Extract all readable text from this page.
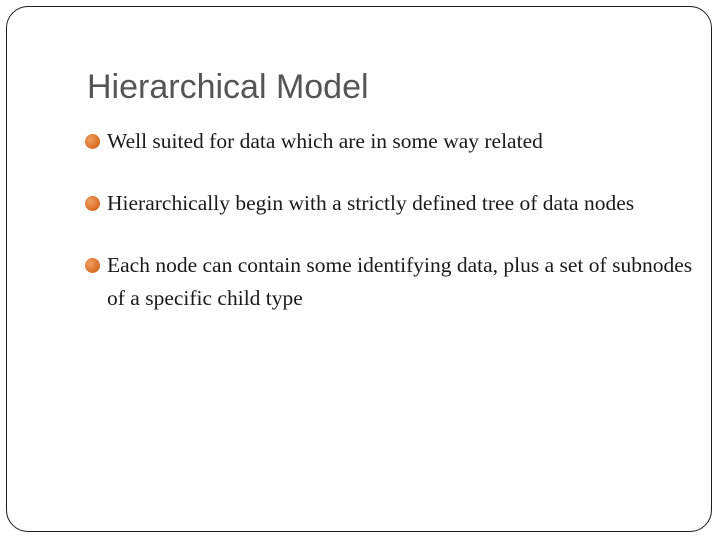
Hierarchical Model
Well suited for data which are in some way related
Hierarchically begin with a strictly defined tree of data nodes
Each node can contain some identifying data, plus a set of subnodes of a specific child type
